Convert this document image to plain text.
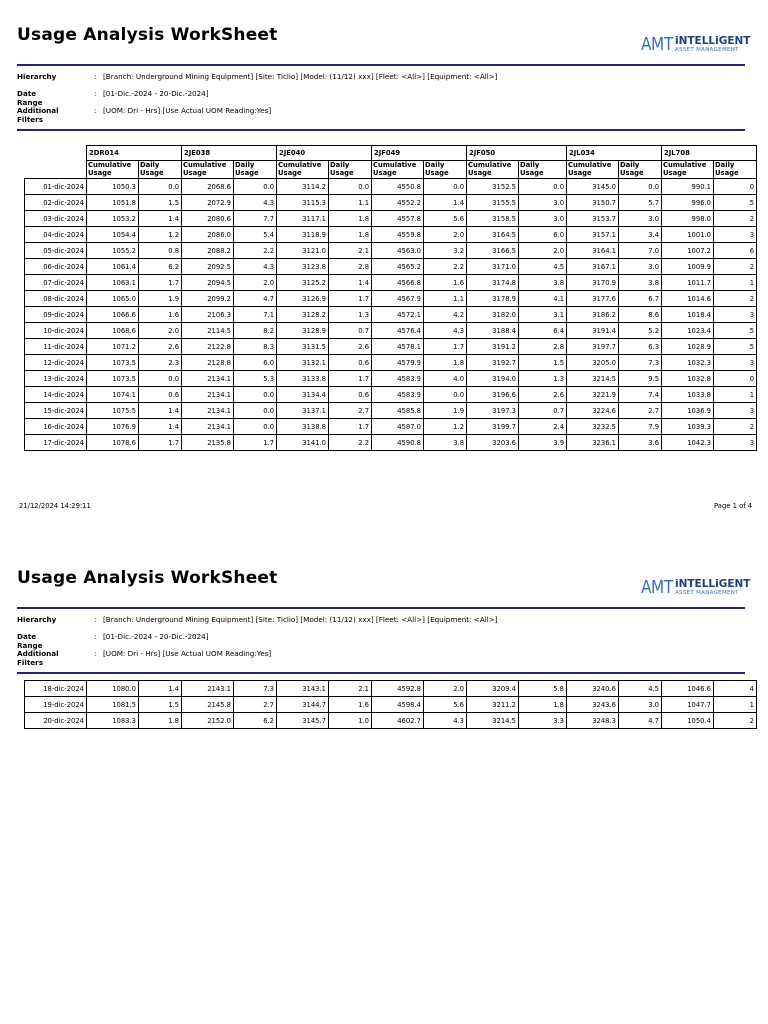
Usage Analysis WorkSheet	AMT iNTELLiGENT
ASSET MANAGEMENT
Hierarchy	: [Branch: Underground Mining Equipment] [Site: Ticlio] [Model: (11/12) xxx] [Fleet: <All>] [Equipment: <All>]
Date Range
: [01-Dic.-2024 - 20-Dic.-2024]
Additional Filters
: [UOM: Dri - Hrs] [Use Actual UOM Reading:Yes]
	2DR014		2JE038		2JE040		2JF049		2JF050		2JL034		2JL708	
	Cumulative Usage	Daily Usage	Cumulative Usage	Daily Usage	Cumulative Usage	Daily Usage	Cumulative Usage	Daily Usage	Cumulative Usage	Daily Usage	Cumulative Usage	Daily Usage	Cumulative Usage	Daily Usage
01-dic-2024	1050.3	0.0	2068.6	0.0	3114.2	0.0	4550.8	0.0	3152.5	0.0	3145.0	0.0	990.1	0
02-dic-2024	1051.8	1.5	2072.9	4.3	3115.3	1.1	4552.2	1.4	3155.5	3.0	3150.7	5.7	996.0	5
03-dic-2024	1053.2	1.4	2080.6	7.7	3117.1	1.8	4557.8	5.6	3158.5	3.0	3153.7	3.0	998.0	2
04-dic-2024	1054.4	1.2	2086.0	5.4	3118.9	1.8	4559.8	2.0	3164.5	6.0	3157.1	3.4	1001.0	3
05-dic-2024	1055.2	0.8	2088.2	2.2	3121.0	2.1	4563.0	3.2	3166.5	2.0	3164.1	7.0	1007.2	6
06-dic-2024	1061.4	6.2	2092.5	4.3	3123.8	2.8	4565.2	2.2	3171.0	4.5	3167.1	3.0	1009.9	2
07-dic-2024	1063.1	1.7	2094.5	2.0	3125.2	1.4	4566.8	1.6	3174.8	3.8	3170.9	3.8	1011.7	1
08-dic-2024	1065.0	1.9	2099.2	4.7	3126.9	1.7	4567.9	1.1	3178.9	4.1	3177.6	6.7	1014.6	2
09-dic-2024	1066.6	1.6	2106.3	7.1	3128.2	1.3	4572.1	4.2	3182.0	3.1	3186.2	8.6	1018.4	3
10-dic-2024	1068.6	2.0	2114.5	8.2	3128.9	0.7	4576.4	4.3	3188.4	6.4	3191.4	5.2	1023.4	5
11-dic-2024	1071.2	2.6	2122.8	8.3	3131.5	2.6	4578.1	1.7	3191.2	2.8	3197.7	6.3	1028.9	5
12-dic-2024	1073.5	2.3	2128.8	6.0	3132.1	0.6	4579.9	1.8	3192.7	1.5	3205.0	7.3	1032.3	3
13-dic-2024	1073.5	0.0	2134.1	5.3	3133.8	1.7	4583.9	4.0	3194.0	1.3	3214.5	9.5	1032.8	0
14-dic-2024	1074.1	0.6	2134.1	0.0	3134.4	0.6	4583.9	0.0	3196.6	2.6	3221.9	7.4	1033.8	1
15-dic-2024	1075.5	1.4	2134.1	0.0	3137.1	2.7	4585.8	1.9	3197.3	0.7	3224.6	2.7	1036.9	3
16-dic-2024	1076.9	1.4	2134.1	0.0	3138.8	1.7	4587.0	1.2	3199.7	2.4	3232.5	7.9	1039.3	2
17-dic-2024	1078.6	1.7	2135.8	1.7	3141.0	2.2	4590.8	3.8	3203.6	3.9	3236.1	3.6	1042.3	3
21/12/2024 14:29:11	Page 1 of 4
Usage Analysis WorkSheet	AMT iNTELLiGENT
ASSET MANAGEMENT
Hierarchy	: [Branch: Underground Mining Equipment] [Site: Ticlio] [Model: (11/12) xxx] [Fleet: <All>] [Equipment: <All>]
Date Range
: [01-Dic.-2024 - 20-Dic.-2024]
Additional Filters
: [UOM: Dri - Hrs] [Use Actual UOM Reading:Yes]
18-dic-2024	1080.0	1.4	2143.1	7.3	3143.1	2.1	4592.8	2.0	3209.4	5.8	3240.6	4.5	1046.6	4
19-dic-2024	1081.5	1.5	2145.8	2.7	3144.7	1.6	4598.4	5.6	3211.2	1.8	3243.6	3.0	1047.7	1
20-dic-2024	1083.3	1.8	2152.0	6.2	3145.7	1.0	4602.7	4.3	3214.5	3.3	3248.3	4.7	1050.4	2
